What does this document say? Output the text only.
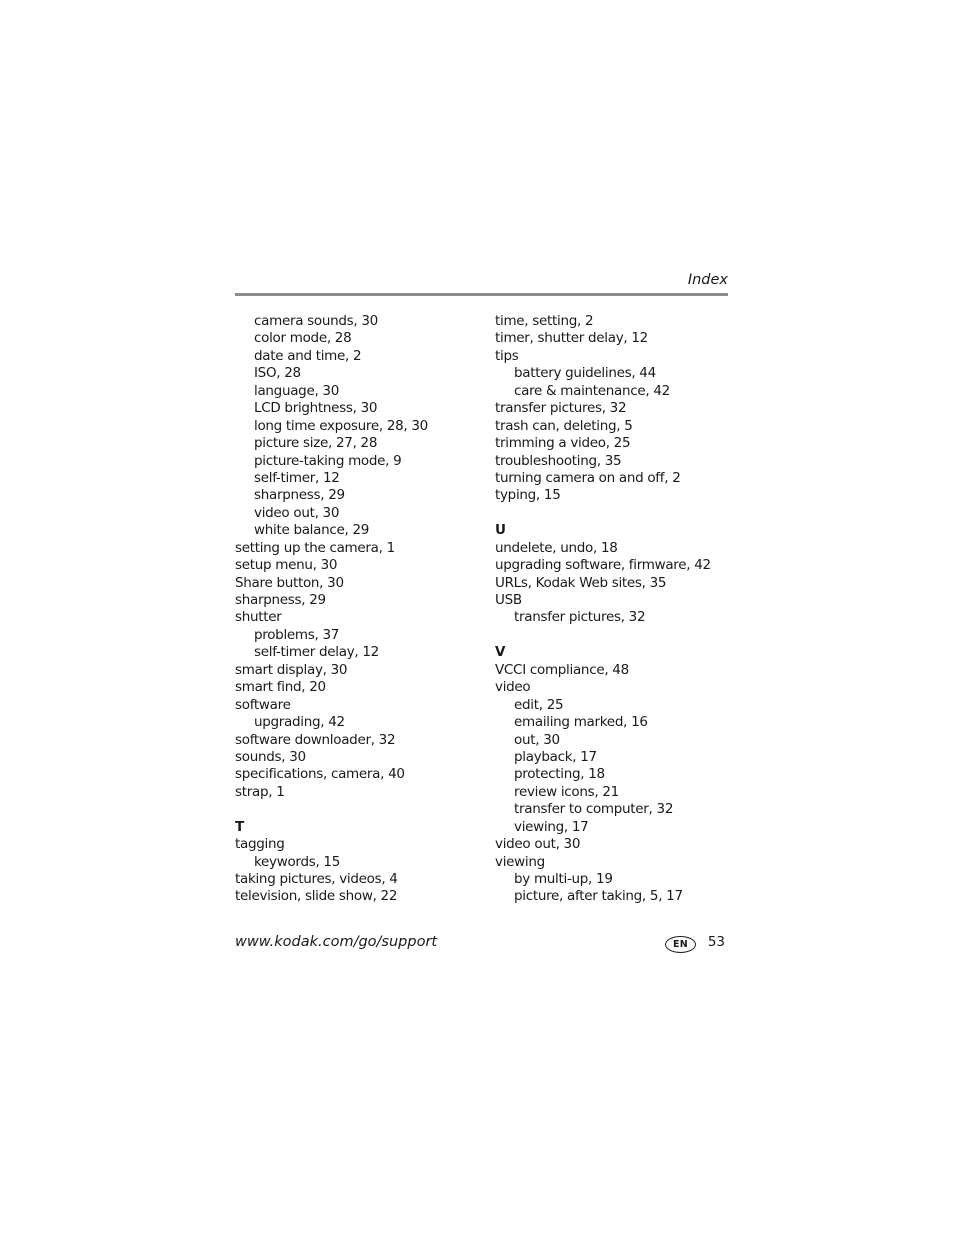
Index
camera sounds, 30
color mode, 28
date and time, 2
ISO, 28
language, 30
LCD brightness, 30
long time exposure, 28, 30
picture size, 27, 28
picture-taking mode, 9
self-timer, 12
sharpness, 29
video out, 30
white balance, 29
setting up the camera, 1
setup menu, 30
Share button, 30
sharpness, 29
shutter
problems, 37
self-timer delay, 12
smart display, 30
smart find, 20
software
upgrading, 42
software downloader, 32
sounds, 30
specifications, camera, 40
strap, 1
T
tagging
keywords, 15
taking pictures, videos, 4
television, slide show, 22
time, setting, 2
timer, shutter delay, 12
tips
battery guidelines, 44
care & maintenance, 42
transfer pictures, 32
trash can, deleting, 5
trimming a video, 25
troubleshooting, 35
turning camera on and off, 2
typing, 15
U
undelete, undo, 18
upgrading software, firmware, 42
URLs, Kodak Web sites, 35
USB
transfer pictures, 32
V
VCCI compliance, 48
video
edit, 25
emailing marked, 16
out, 30
playback, 17
protecting, 18
review icons, 21
transfer to computer, 32
viewing, 17
video out, 30
viewing
by multi-up, 19
picture, after taking, 5, 17
www.kodak.com/go/support	EN	53
